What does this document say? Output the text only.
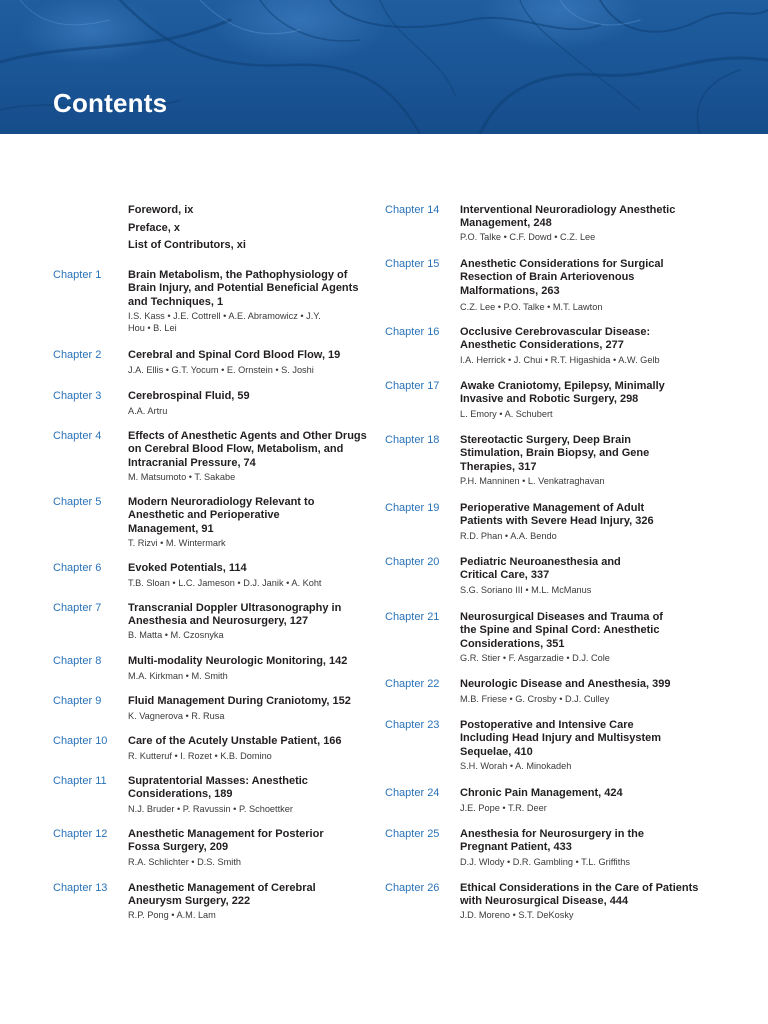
Contents
Foreword, ix
Preface, x
List of Contributors, xi
Chapter 1	Brain Metabolism, the Pathophysiology of Brain Injury, and Potential Beneficial Agents and Techniques, 1
I.S. Kass • J.E. Cottrell • A.E. Abramowicz • J.Y. Hou • B. Lei
Chapter 2	Cerebral and Spinal Cord Blood Flow, 19
J.A. Ellis • G.T. Yocum • E. Ornstein • S. Joshi
Chapter 3	Cerebrospinal Fluid, 59
A.A. Artru
Chapter 4	Effects of Anesthetic Agents and Other Drugs on Cerebral Blood Flow, Metabolism, and Intracranial Pressure, 74
M. Matsumoto • T. Sakabe
Chapter 5	Modern Neuroradiology Relevant to Anesthetic and Perioperative Management, 91
T. Rizvi • M. Wintermark
Chapter 6	Evoked Potentials, 114
T.B. Sloan • L.C. Jameson • D.J. Janik • A. Koht
Chapter 7	Transcranial Doppler Ultrasonography in Anesthesia and Neurosurgery, 127
B. Matta • M. Czosnyka
Chapter 8	Multi-modality Neurologic Monitoring, 142
M.A. Kirkman • M. Smith
Chapter 9	Fluid Management During Craniotomy, 152
K. Vagnerova • R. Rusa
Chapter 10	Care of the Acutely Unstable Patient, 166
R. Kutteruf • I. Rozet • K.B. Domino
Chapter 11	Supratentorial Masses: Anesthetic Considerations, 189
N.J. Bruder • P. Ravussin • P. Schoettker
Chapter 12	Anesthetic Management for Posterior Fossa Surgery, 209
R.A. Schlichter • D.S. Smith
Chapter 13	Anesthetic Management of Cerebral Aneurysm Surgery, 222
R.P. Pong • A.M. Lam
Chapter 14	Interventional Neuroradiology Anesthetic Management, 248
P.O. Talke • C.F. Dowd • C.Z. Lee
Chapter 15	Anesthetic Considerations for Surgical Resection of Brain Arteriovenous Malformations, 263
C.Z. Lee • P.O. Talke • M.T. Lawton
Chapter 16	Occlusive Cerebrovascular Disease: Anesthetic Considerations, 277
I.A. Herrick • J. Chui • R.T. Higashida • A.W. Gelb
Chapter 17	Awake Craniotomy, Epilepsy, Minimally Invasive and Robotic Surgery, 298
L. Emory • A. Schubert
Chapter 18	Stereotactic Surgery, Deep Brain Stimulation, Brain Biopsy, and Gene Therapies, 317
P.H. Manninen • L. Venkatraghavan
Chapter 19	Perioperative Management of Adult Patients with Severe Head Injury, 326
R.D. Phan • A.A. Bendo
Chapter 20	Pediatric Neuroanesthesia and Critical Care, 337
S.G. Soriano III • M.L. McManus
Chapter 21	Neurosurgical Diseases and Trauma of the Spine and Spinal Cord: Anesthetic Considerations, 351
G.R. Stier • F. Asgarzadie • D.J. Cole
Chapter 22	Neurologic Disease and Anesthesia, 399
M.B. Friese • G. Crosby • D.J. Culley
Chapter 23	Postoperative and Intensive Care Including Head Injury and Multisystem Sequelae, 410
S.H. Worah • A. Minokadeh
Chapter 24	Chronic Pain Management, 424
J.E. Pope • T.R. Deer
Chapter 25	Anesthesia for Neurosurgery in the Pregnant Patient, 433
D.J. Wlody • D.R. Gambling • T.L. Griffiths
Chapter 26	Ethical Considerations in the Care of Patients with Neurosurgical Disease, 444
J.D. Moreno • S.T. DeKosky
